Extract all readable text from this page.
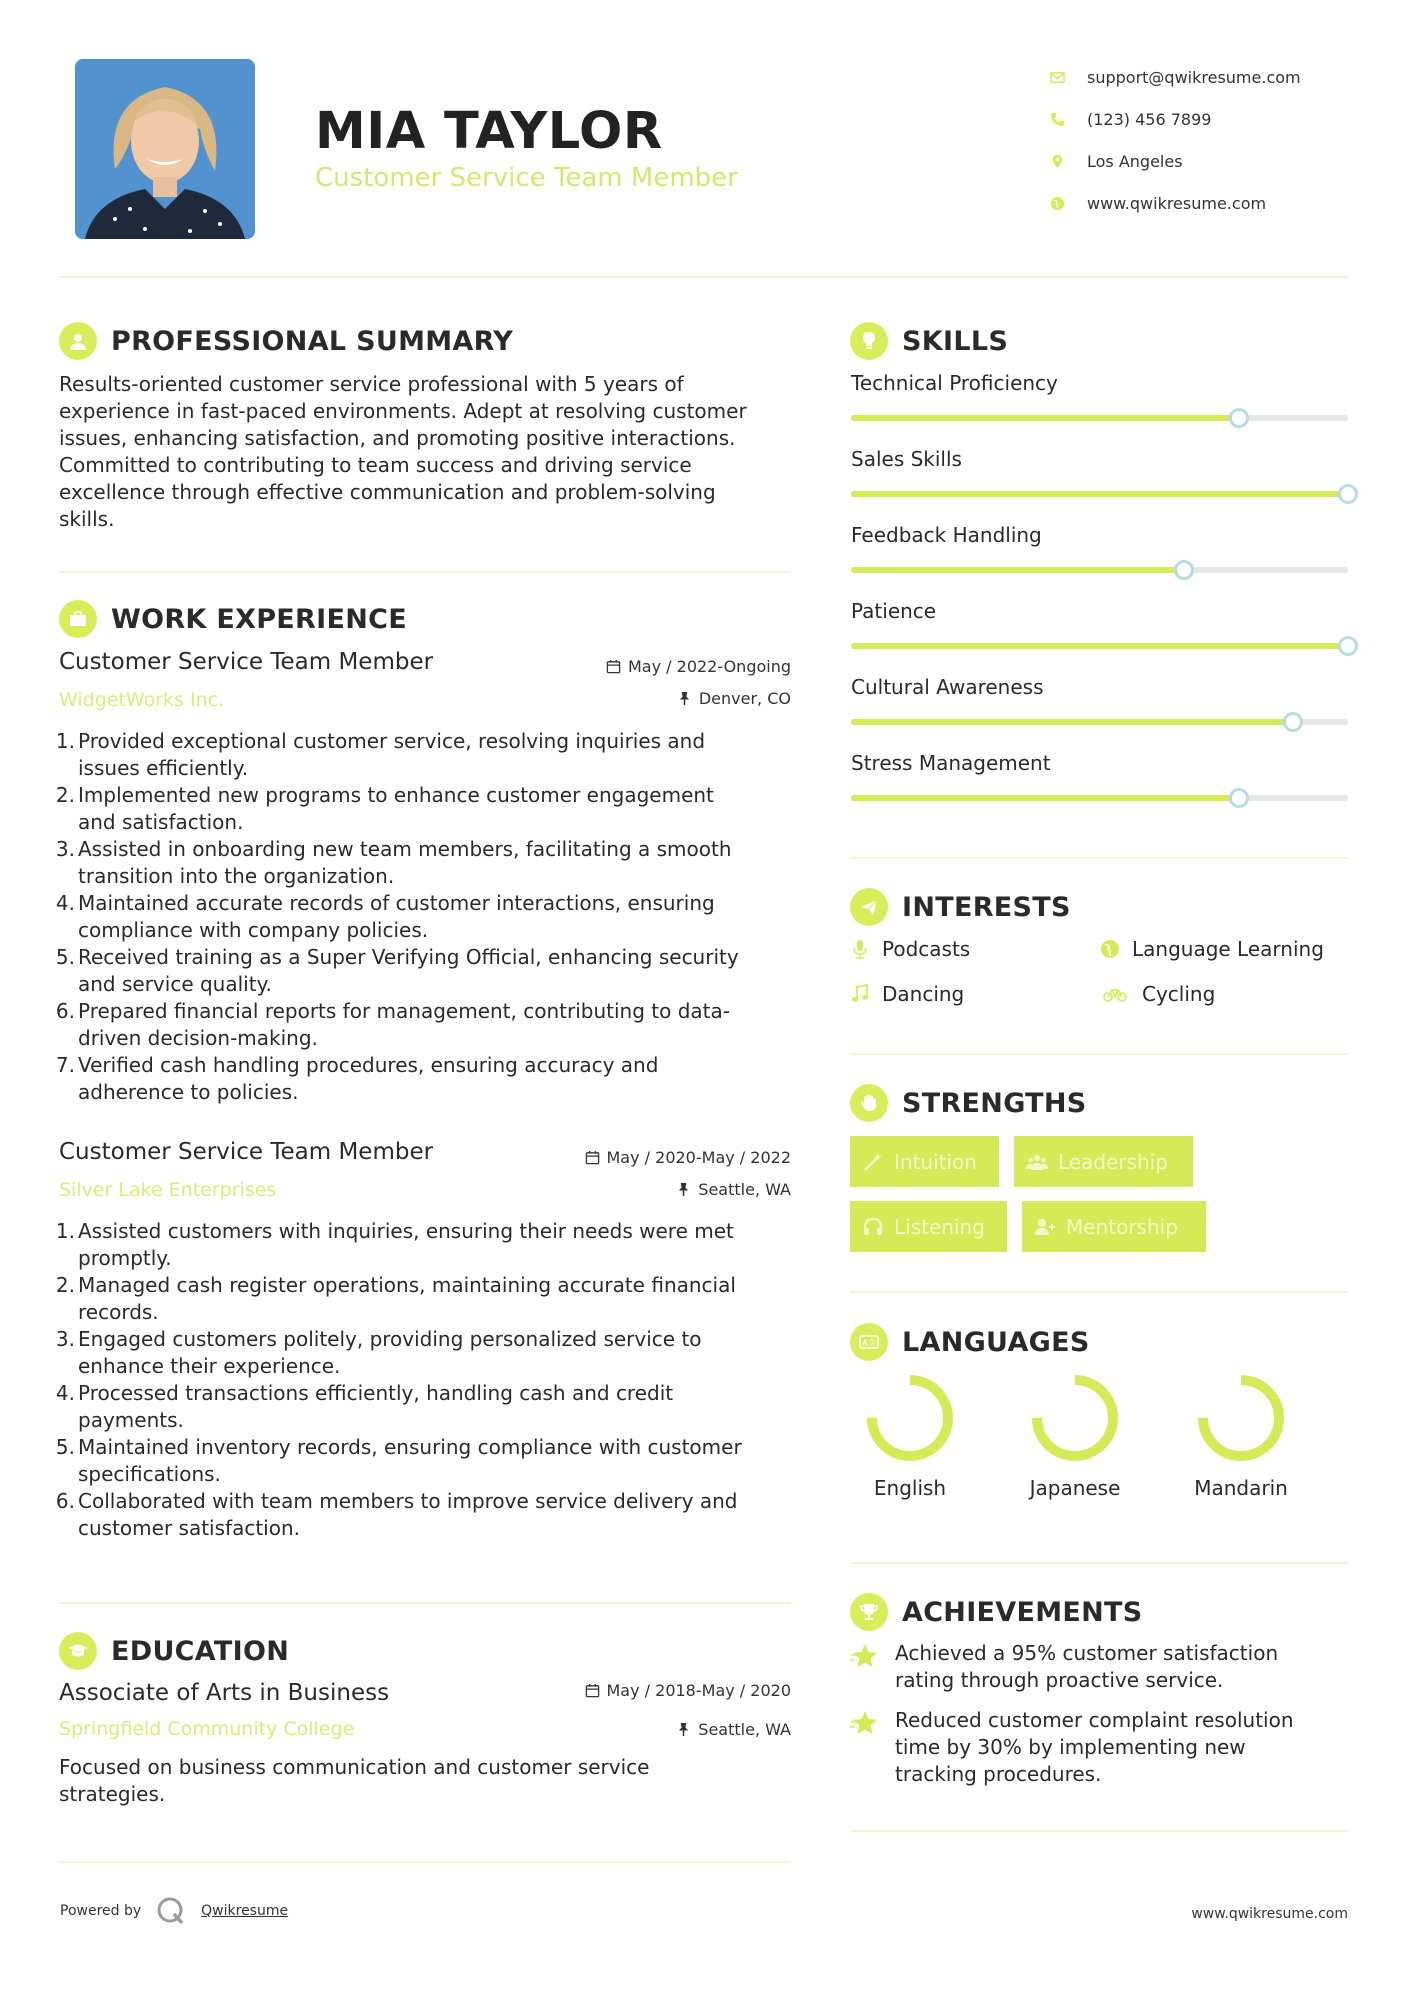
MIA TAYLOR
Customer Service Team Member
support@qwikresume.com
(123) 456 7899
Los Angeles
www.qwikresume.com
PROFESSIONAL SUMMARY
Results-oriented customer service professional with 5 years of
experience in fast-paced environments. Adept at resolving customer
issues, enhancing satisfaction, and promoting positive interactions.
Committed to contributing to team success and driving service
excellence through effective communication and problem-solving
skills.
WORK EXPERIENCE
Customer Service Team Member	May / 2022-Ongoing
WidgetWorks Inc.	Denver, CO
1. Provided exceptional customer service, resolving inquiries and
issues efficiently.
2. Implemented new programs to enhance customer engagement
and satisfaction.
3. Assisted in onboarding new team members, facilitating a smooth
transition into the organization.
4. Maintained accurate records of customer interactions, ensuring
compliance with company policies.
5. Received training as a Super Verifying Official, enhancing security
and service quality.
6. Prepared financial reports for management, contributing to data-
driven decision-making.
7. Verified cash handling procedures, ensuring accuracy and
adherence to policies.
Customer Service Team Member	May / 2020-May / 2022
Silver Lake Enterprises	Seattle, WA
1. Assisted customers with inquiries, ensuring their needs were met
promptly.
2. Managed cash register operations, maintaining accurate financial
records.
3. Engaged customers politely, providing personalized service to
enhance their experience.
4. Processed transactions efficiently, handling cash and credit
payments.
5. Maintained inventory records, ensuring compliance with customer
specifications.
6. Collaborated with team members to improve service delivery and
customer satisfaction.
EDUCATION
Associate of Arts in Business	May / 2018-May / 2020
Springfield Community College	Seattle, WA
Focused on business communication and customer service
strategies.
SKILLS
Technical Proficiency
Sales Skills
Feedback Handling
Patience
Cultural Awareness
Stress Management
INTERESTS
Podcasts	Language Learning
Dancing	Cycling
STRENGTHS
Intuition	Leadership
Listening	Mentorship
A文 LANGUAGES
English	Japanese	Mandarin
ACHIEVEMENTS
Achieved a 95% customer satisfaction
rating through proactive service.
Reduced customer complaint resolution
time by 30% by implementing new
tracking procedures.
Powered by	Qwikresume	www.qwikresume.com
